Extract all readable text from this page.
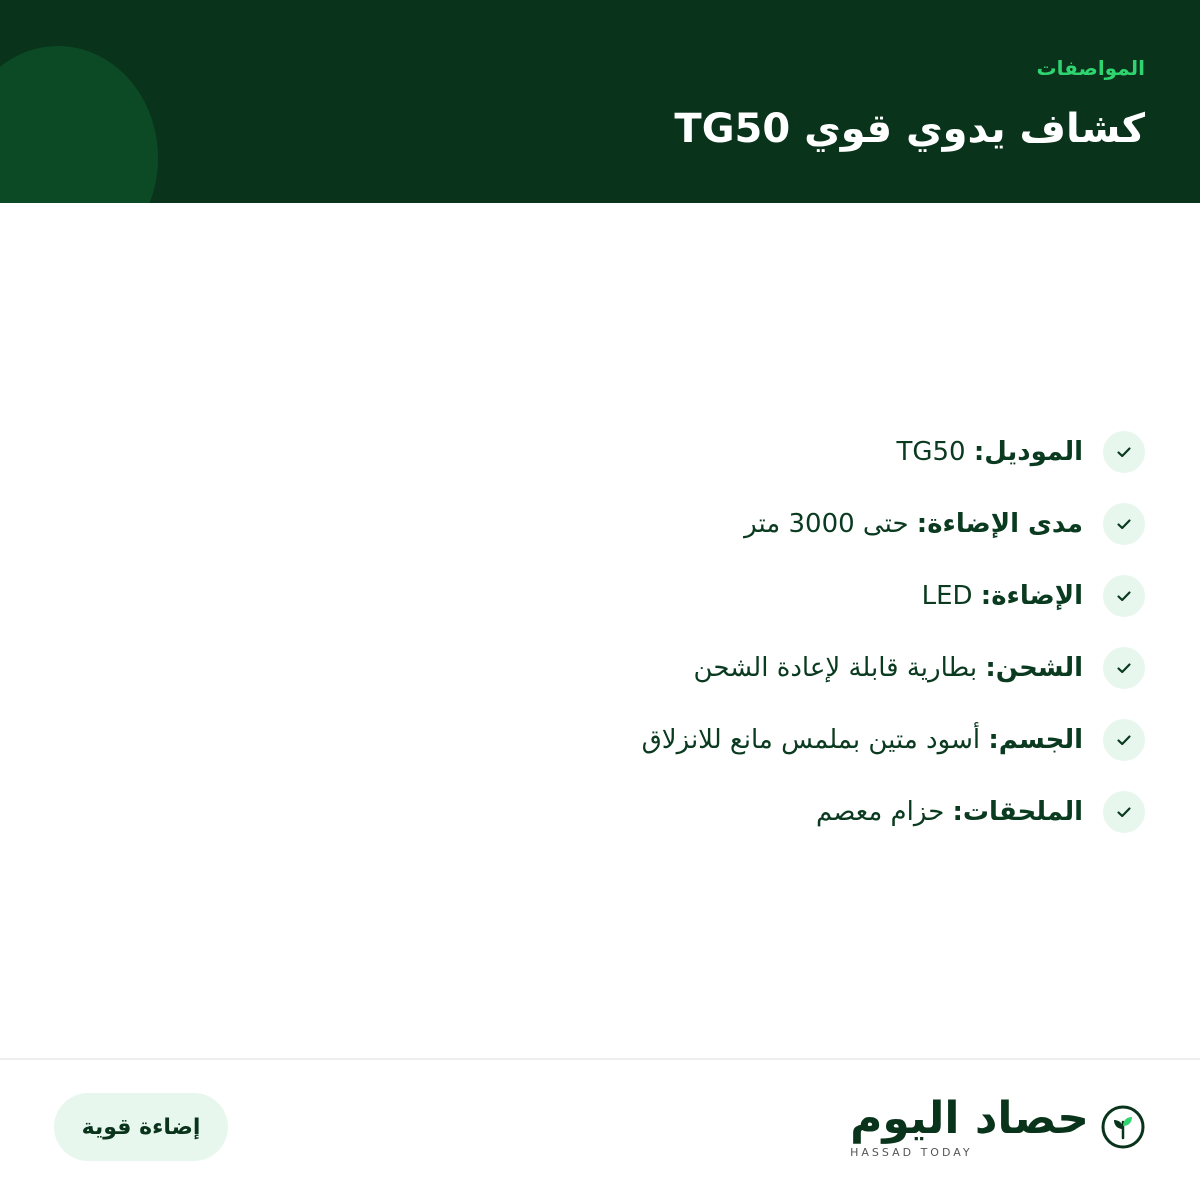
المواصفات

كشاف يدوي قوي TG50
الموديل: TG50
مدى الإضاءة: حتى 3000 متر
الإضاءة: LED
الشحن: بطارية قابلة لإعادة الشحن
الجسم: أسود متين بملمس مانع للانزلاق
الملحقات: حزام معصم
حصاد اليوم
HASSAD TODAY
إضاءة قوية
